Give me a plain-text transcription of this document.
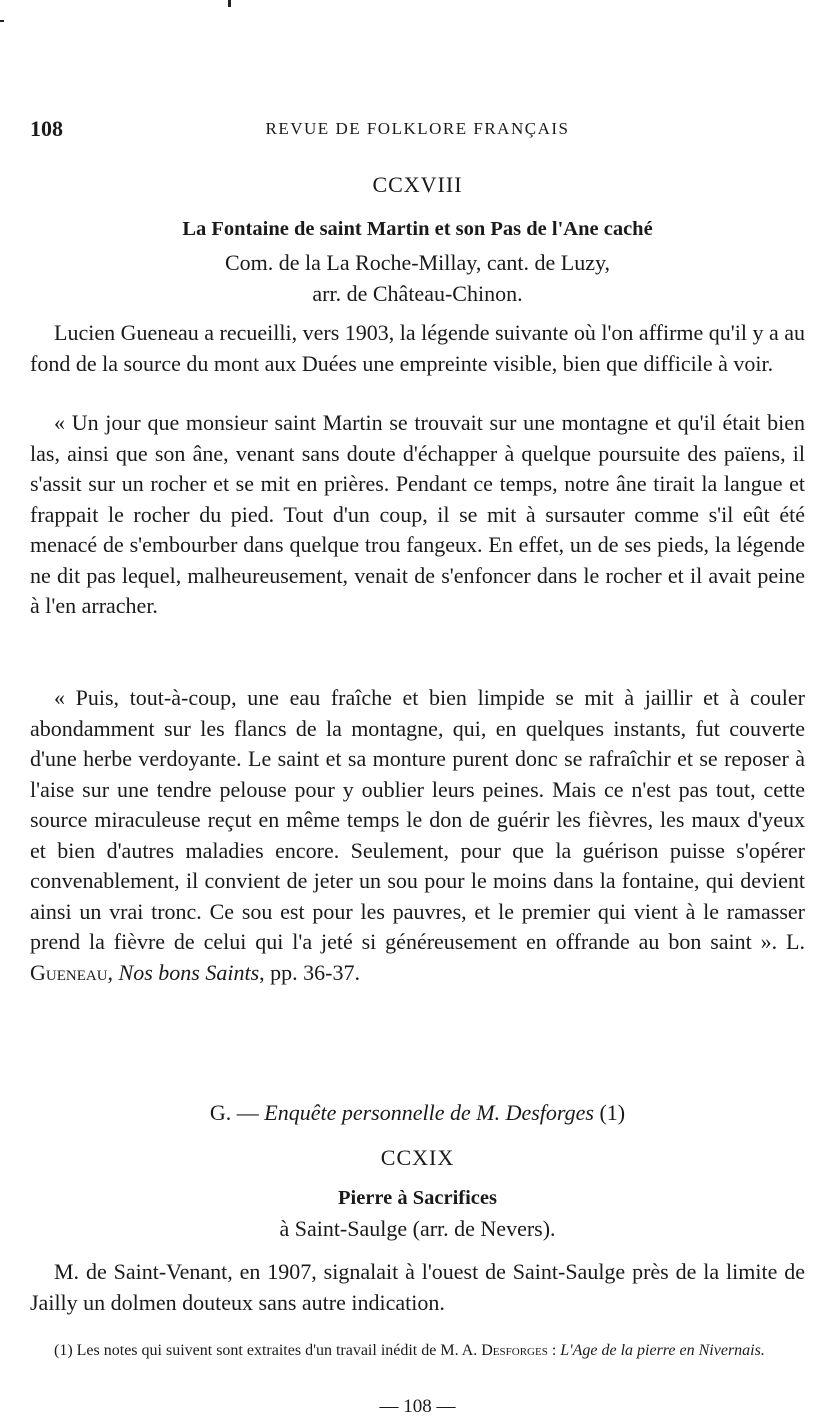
108	REVUE DE FOLKLORE FRANÇAIS
CCXVIII
La Fontaine de saint Martin et son Pas de l'Ane caché
Com. de la La Roche-Millay, cant. de Luzy,
arr. de Château-Chinon.

Lucien Gueneau a recueilli, vers 1903, la légende suivante où l'on affirme qu'il y a au fond de la source du mont aux Duées une empreinte visible, bien que difficile à voir.

« Un jour que monsieur saint Martin se trouvait sur une montagne et qu'il était bien las, ainsi que son âne, venant sans doute d'échapper à quelque poursuite des païens, il s'assit sur un rocher et se mit en prières. Pendant ce temps, notre âne tirait la langue et frappait le rocher du pied. Tout d'un coup, il se mit à sursauter comme s'il eût été menacé de s'embourber dans quelque trou fangeux. En effet, un de ses pieds, la légende ne dit pas lequel, malheureusement, venait de s'enfoncer dans le rocher et il avait peine à l'en arracher.

« Puis, tout-à-coup, une eau fraîche et bien limpide se mit à jaillir et à couler abondamment sur les flancs de la montagne, qui, en quelques instants, fut couverte d'une herbe verdoyante. Le saint et sa monture purent donc se rafraîchir et se reposer à l'aise sur une tendre pelouse pour y oublier leurs peines. Mais ce n'est pas tout, cette source miraculeuse reçut en même temps le don de guérir les fièvres, les maux d'yeux et bien d'autres maladies encore. Seulement, pour que la guérison puisse s'opérer convenablement, il convient de jeter un sou pour le moins dans la fontaine, qui devient ainsi un vrai tronc. Ce sou est pour les pauvres, et le premier qui vient à le ramasser prend la fièvre de celui qui l'a jeté si généreusement en offrande au bon saint ». L. Gueneau, Nos bons Saints, pp. 36-37.

G. — Enquête personnelle de M. Desforges (1)
CCXIX
Pierre à Sacrifices
à Saint-Saulge (arr. de Nevers).

M. de Saint-Venant, en 1907, signalait à l'ouest de Saint-Saulge près de la limite de Jailly un dolmen douteux sans autre indication.

(1) Les notes qui suivent sont extraites d'un travail inédit de M. A. Desforges : L'Age de la pierre en Nivernais.

— 108 —
